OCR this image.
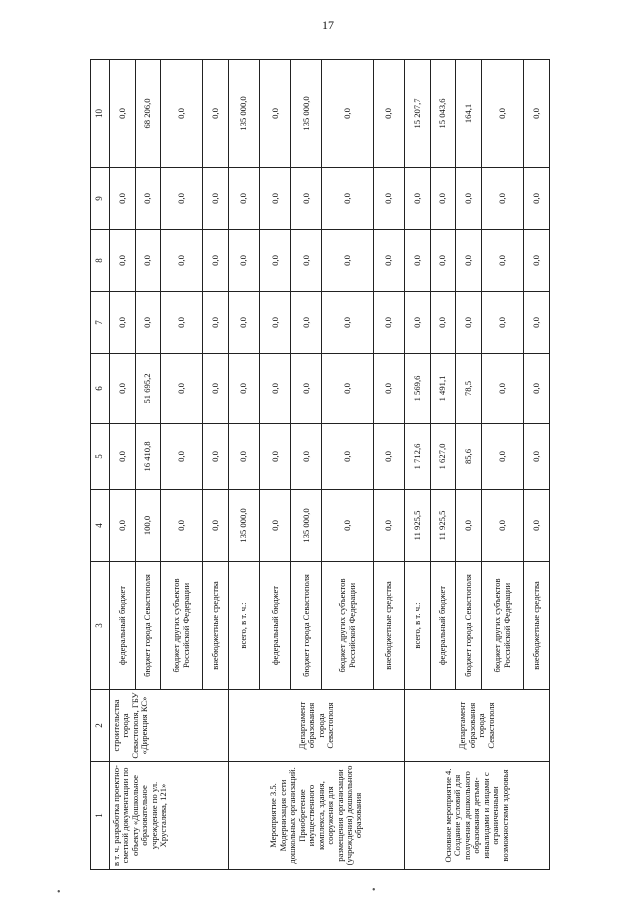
17
1	2	3	4	5	6	7	8	9	10
в т. ч. разработка проектно-сметной документации по объекту «Дошкольное образовательное учреждение по ул. Хрусталева, 121»	строительства города Севастополя, ГБУ «Дирекция КС»	федеральный бюджет	0,0	0,0	0,0	0,0	0,0	0,0	0,0
		бюджет города Севастополя	100,0	16 410,8	51 695,2	0,0	0,0	0,0	68 206,0
		бюджет других субъектов Российской Федерации	0,0	0,0	0,0	0,0	0,0	0,0	0,0
		внебюджетные средства	0,0	0,0	0,0	0,0	0,0	0,0	0,0
Мероприятие 3.5. Модернизация сети дошкольных организаций. Приобретение имущественного комплекса, здания, сооружения для размещения организации (учреждения) дошкольного образования	Департамент образования города Севастополя	всего, в т. ч.:	135 000,0	0,0	0,0	0,0	0,0	0,0	135 000,0
		федеральный бюджет	0,0	0,0	0,0	0,0	0,0	0,0	0,0
		бюджет города Севастополя	135 000,0	0,0	0,0	0,0	0,0	0,0	135 000,0
		бюджет других субъектов Российской Федерации	0,0	0,0	0,0	0,0	0,0	0,0	0,0
		внебюджетные средства	0,0	0,0	0,0	0,0	0,0	0,0	0,0
Основное мероприятие 4. Создание условий для получения дошкольного образования детьми-инвалидами и лицами с ограниченными возможностями здоровья	Департамент образования города Севастополя	всего, в т. ч.:	11 925,5	1 712,6	1 569,6	0,0	0,0	0,0	15 207,7
		федеральный бюджет	11 925,5	1 627,0	1 491,1	0,0	0,0	0,0	15 043,6
		бюджет города Севастополя	0,0	85,6	78,5	0,0	0,0	0,0	164,1
		бюджет других субъектов Российской Федерации	0,0	0,0	0,0	0,0	0,0	0,0	0,0
		внебюджетные средства	0,0	0,0	0,0	0,0	0,0	0,0	0,0
•	•
